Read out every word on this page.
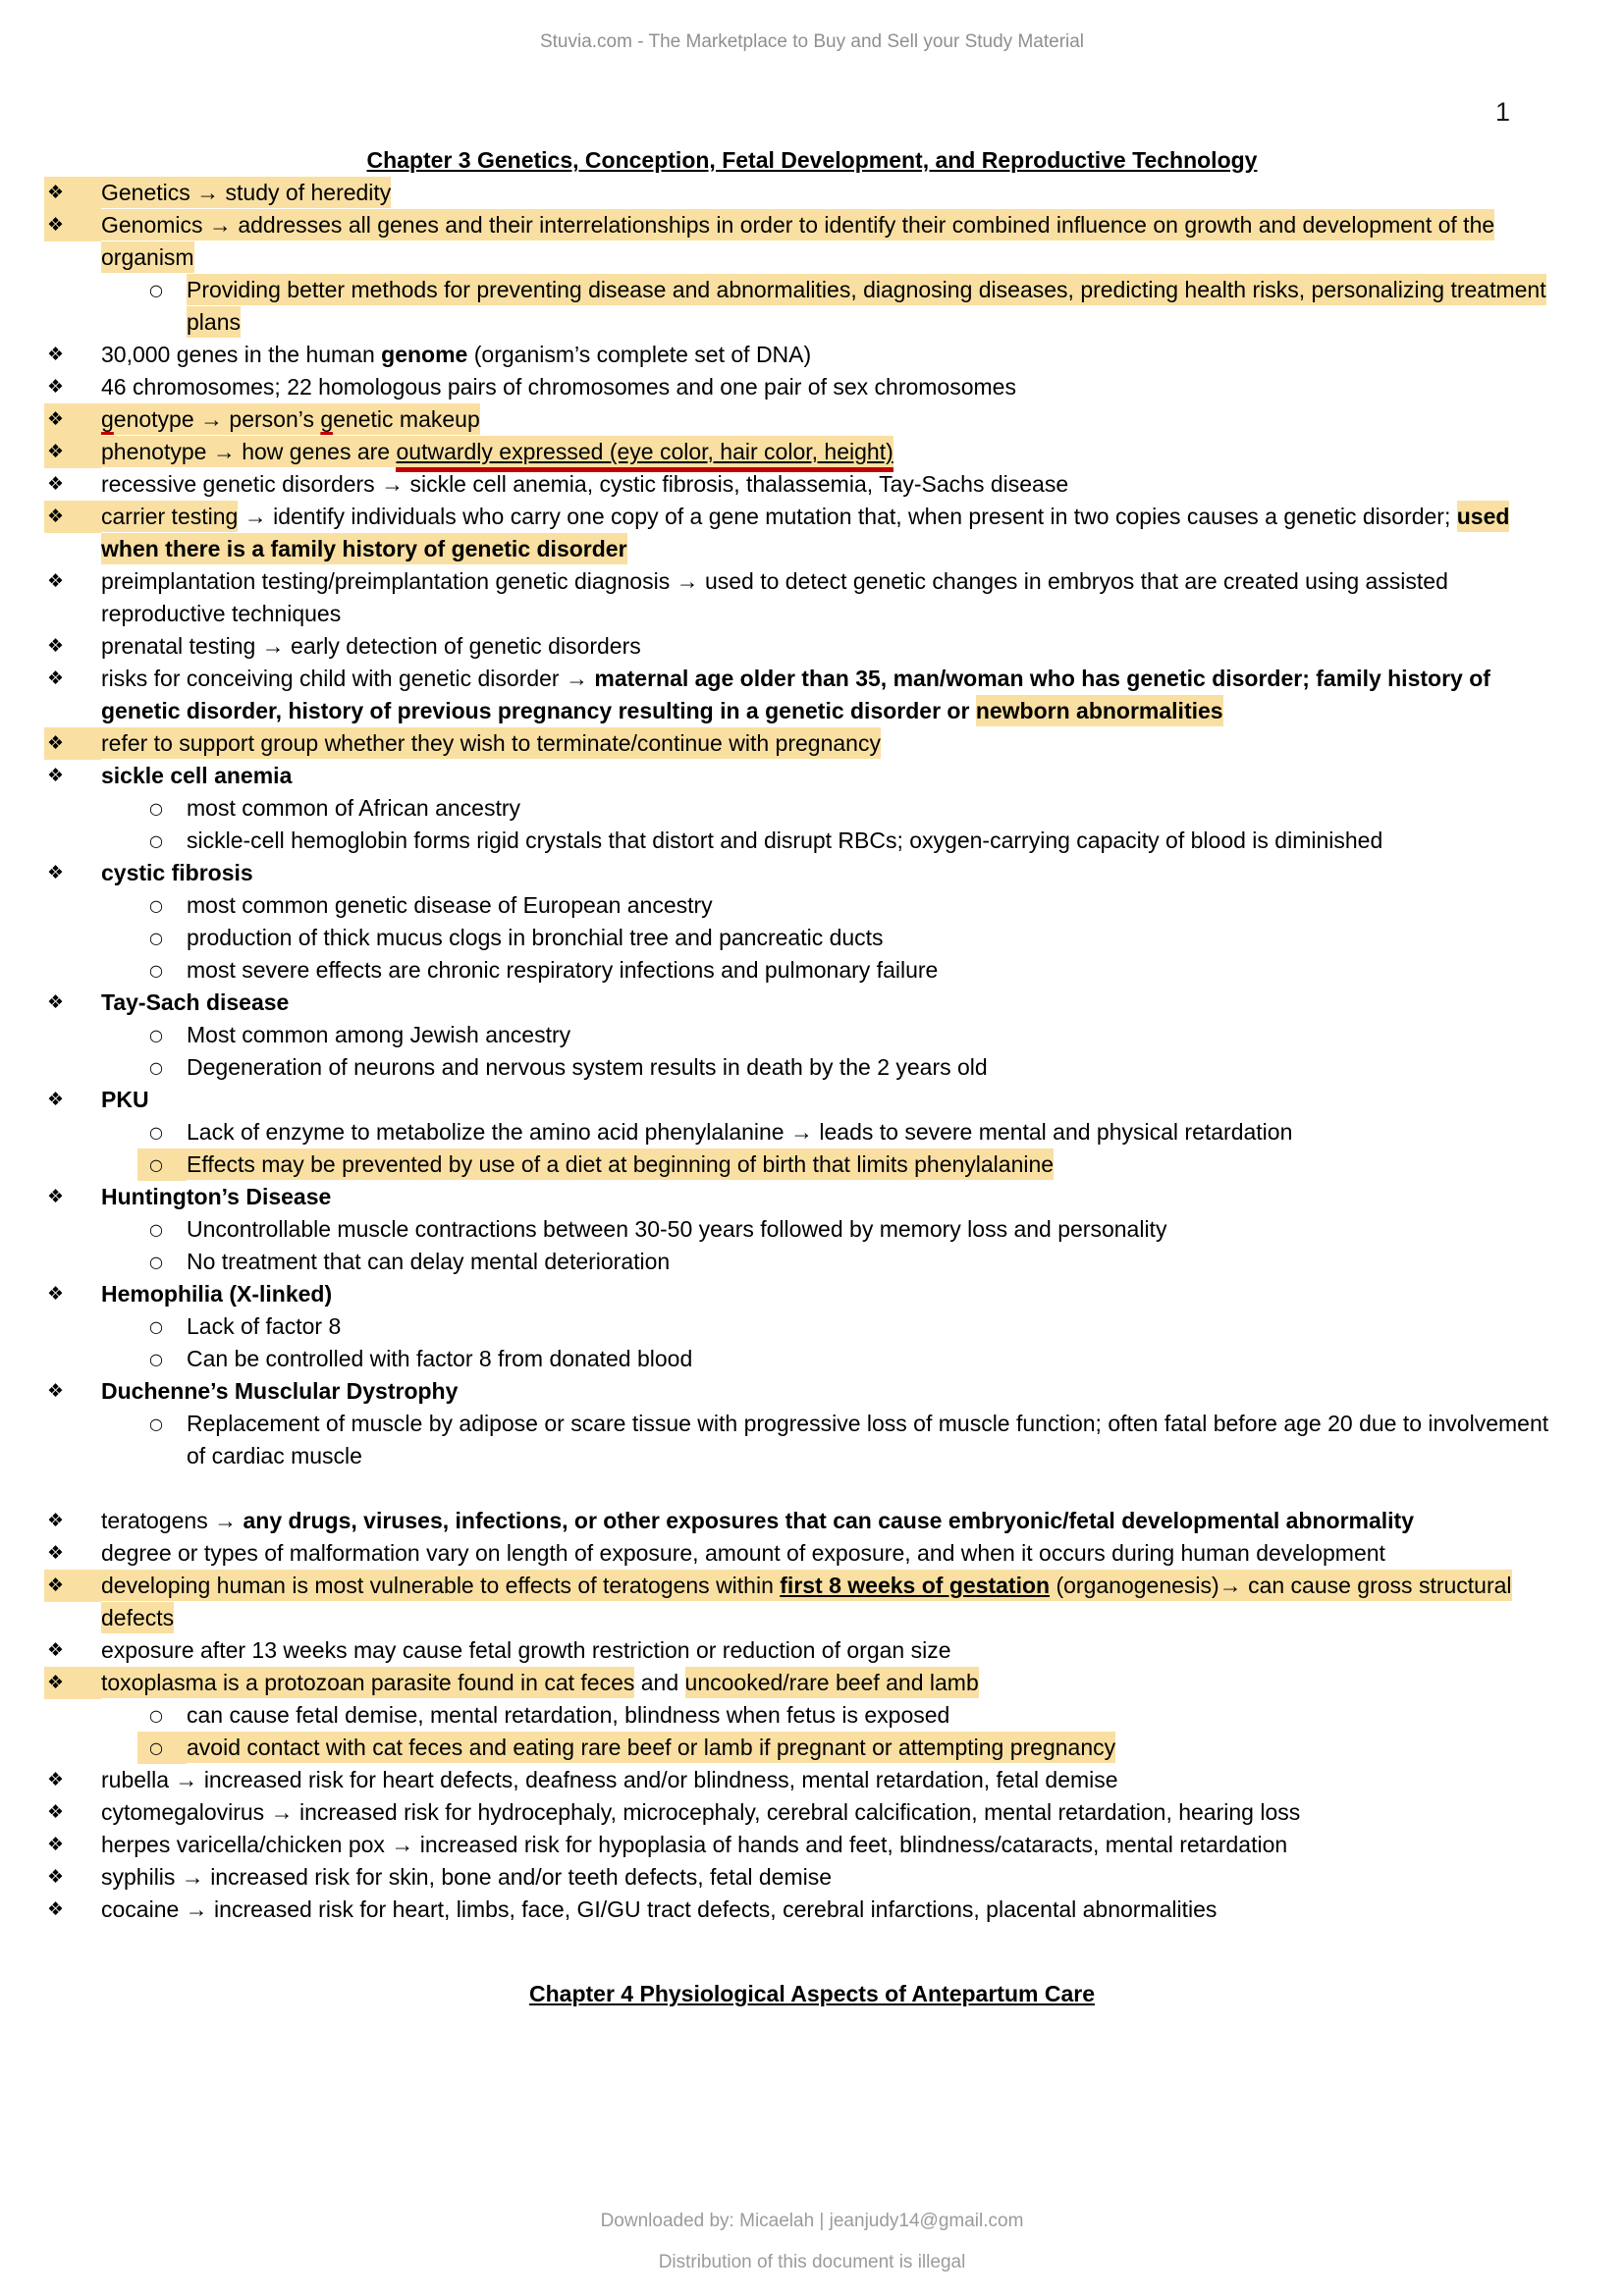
Stuvia.com - The Marketplace to Buy and Sell your Study Material
1
Chapter 3 Genetics, Conception, Fetal Development, and Reproductive Technology
❖	Genetics → study of heredity
❖	Genomics → addresses all genes and their interrelationships in order to identify their combined influence on growth and development of the organism
○	Providing better methods for preventing disease and abnormalities, diagnosing diseases, predicting health risks, personalizing treatment plans
❖	30,000 genes in the human genome (organism’s complete set of DNA)
❖	46 chromosomes; 22 homologous pairs of chromosomes and one pair of sex chromosomes
❖	genotype → person’s genetic makeup
❖	phenotype → how genes are outwardly expressed (eye color, hair color, height)
❖	recessive genetic disorders → sickle cell anemia, cystic fibrosis, thalassemia, Tay-Sachs disease
❖	carrier testing → identify individuals who carry one copy of a gene mutation that, when present in two copies causes a genetic disorder; used when there is a family history of genetic disorder
❖	preimplantation testing/preimplantation genetic diagnosis → used to detect genetic changes in embryos that are created using assisted reproductive techniques
❖	prenatal testing → early detection of genetic disorders
❖	risks for conceiving child with genetic disorder → maternal age older than 35, man/woman who has genetic disorder; family history of genetic disorder, history of previous pregnancy resulting in a genetic disorder or newborn abnormalities
❖	refer to support group whether they wish to terminate/continue with pregnancy
❖	sickle cell anemia
○	most common of African ancestry
○	sickle-cell hemoglobin forms rigid crystals that distort and disrupt RBCs; oxygen-carrying capacity of blood is diminished
❖	cystic fibrosis
○	most common genetic disease of European ancestry
○	production of thick mucus clogs in bronchial tree and pancreatic ducts
○	most severe effects are chronic respiratory infections and pulmonary failure
❖	Tay-Sach disease
○	Most common among Jewish ancestry
○	Degeneration of neurons and nervous system results in death by the 2 years old
❖	PKU
○	Lack of enzyme to metabolize the amino acid phenylalanine → leads to severe mental and physical retardation
○	Effects may be prevented by use of a diet at beginning of birth that limits phenylalanine
❖	Huntington’s Disease
○	Uncontrollable muscle contractions between 30-50 years followed by memory loss and personality
○	No treatment that can delay mental deterioration
❖	Hemophilia (X-linked)
○	Lack of factor 8
○	Can be controlled with factor 8 from donated blood
❖	Duchenne’s Musclular Dystrophy
○	Replacement of muscle by adipose or scare tissue with progressive loss of muscle function; often fatal before age 20 due to involvement of cardiac muscle
❖	teratogens → any drugs, viruses, infections, or other exposures that can cause embryonic/fetal developmental abnormality
❖	degree or types of malformation vary on length of exposure, amount of exposure, and when it occurs during human development
❖	developing human is most vulnerable to effects of teratogens within first 8 weeks of gestation (organogenesis)→ can cause gross structural defects
❖	exposure after 13 weeks may cause fetal growth restriction or reduction of organ size
❖	toxoplasma is a protozoan parasite found in cat feces and uncooked/rare beef and lamb
○	can cause fetal demise, mental retardation, blindness when fetus is exposed
○	avoid contact with cat feces and eating rare beef or lamb if pregnant or attempting pregnancy
❖	rubella → increased risk for heart defects, deafness and/or blindness, mental retardation, fetal demise
❖	cytomegalovirus → increased risk for hydrocephaly, microcephaly, cerebral calcification, mental retardation, hearing loss
❖	herpes varicella/chicken pox → increased risk for hypoplasia of hands and feet, blindness/cataracts, mental retardation
❖	syphilis → increased risk for skin, bone and/or teeth defects, fetal demise
❖	cocaine → increased risk for heart, limbs, face, GI/GU tract defects, cerebral infarctions, placental abnormalities
Chapter 4 Physiological Aspects of Antepartum Care
Downloaded by: Micaelah | jeanjudy14@gmail.com
Distribution of this document is illegal
